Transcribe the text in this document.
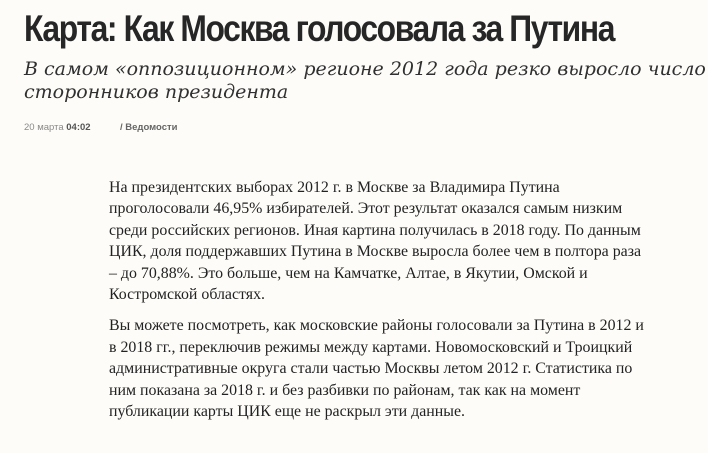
Карта: Как Москва голосовала за Путина
В самом «оппозиционном» регионе 2012 года резко выросло число
сторонников президента
20 марта 04:02	/ Ведомости

На президентских выборах 2012 г. в Москве за Владимира Путина
проголосовали 46,95% избирателей. Этот результат оказался самым низким
среди российских регионов. Иная картина получилась в 2018 году. По данным
ЦИК, доля поддержавших Путина в Москве выросла более чем в полтора раза
– до 70,88%. Это больше, чем на Камчатке, Алтае, в Якутии, Омской и
Костромской областях.

Вы можете посмотреть, как московские районы голосовали за Путина в 2012 и
в 2018 гг., переключив режимы между картами. Новомосковский и Троицкий
административные округа стали частью Москвы летом 2012 г. Статистика по
ним показана за 2018 г. и без разбивки по районам, так как на момент
публикации карты ЦИК еще не раскрыл эти данные.
